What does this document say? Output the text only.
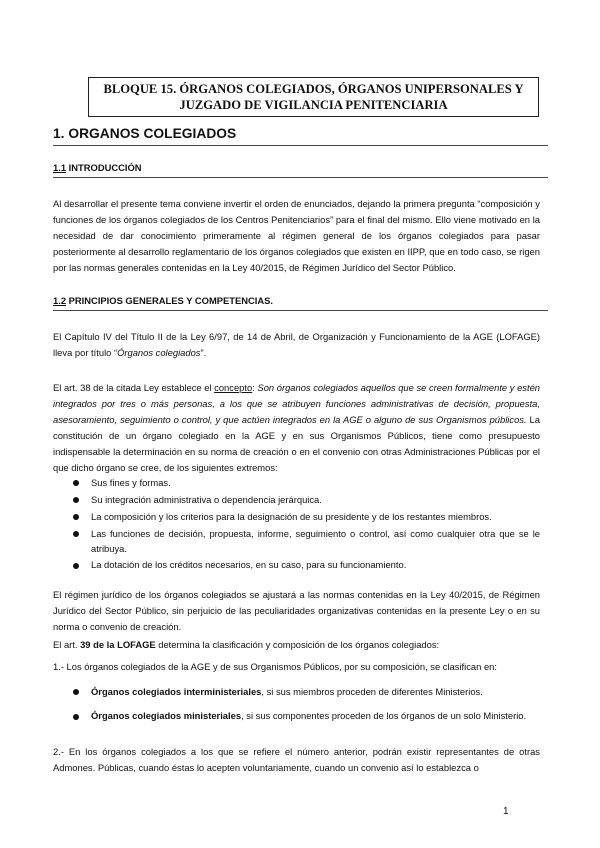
BLOQUE 15. ÓRGANOS COLEGIADOS, ÓRGANOS UNIPERSONALES Y
JUZGADO DE VIGILANCIA PENITENCIARIA
1. ORGANOS COLEGIADOS
1.1 INTRODUCCIÓN
Al desarrollar el presente tema conviene invertir el orden de enunciados, dejando la primera pregunta “composición y funciones de los órganos colegiados de los Centros Penitenciarios” para el final del mismo. Ello viene motivado en la necesidad de dar conocimiento primeramente al régimen general de los órganos colegiados para pasar posteriormente al desarrollo reglamentario de los órganos colegiados que existen en IIPP, que en todo caso, se rigen por las normas generales contenidas en la Ley 40/2015, de Régimen Jurídico del Sector Público.
1.2 PRINCIPIOS GENERALES Y COMPETENCIAS.
El Capítulo IV del Título II de la Ley 6/97, de 14 de Abril, de Organización y Funcionamiento de la AGE (LOFAGE) lleva por título “Órganos colegiados”.
El art. 38 de la citada Ley establece el concepto: Son órganos colegiados aquellos que se creen formalmente y estén integrados por tres o más personas, a los que se atribuyen funciones administrativas de decisión, propuesta, asesoramiento, seguimiento o control, y que actúen integrados en la AGE o alguno de sus Organismos públicos. La constitución de un órgano colegiado en la AGE y en sus Organismos Públicos, tiene como presupuesto indispensable la determinación en su norma de creación o en el convenio con otras Administraciones Públicas por el que dicho órgano se cree, de los siguientes extremos:
Sus fines y formas.
Su integración administrativa o dependencia jerárquica.
La composición y los criterios para la designación de su presidente y de los restantes miembros.
Las funciones de decisión, propuesta, informe, seguimiento o control, así como cualquier otra que se le atribuya.
La dotación de los créditos necesarios, en su caso, para su funcionamiento.
El régimen jurídico de los órganos colegiados se ajustará a las normas contenidas en la Ley 40/2015, de Régimen Jurídico del Sector Público, sin perjuicio de las peculiaridades organizativas contenidas en la presente Ley o en su norma o convenio de creación.
El art. 39 de la LOFAGE determina la clasificación y composición de los órganos colegiados:
1.- Los órganos colegiados de la AGE y de sus Organismos Públicos, por su composición, se clasifican en:
Órganos colegiados interministeriales, si sus miembros proceden de diferentes Ministerios.
Órganos colegiados ministeriales, si sus componentes proceden de los órganos de un solo Ministerio.
2.- En los órganos colegiados a los que se refiere el número anterior, podrán existir representantes de otras Admones. Públicas, cuando éstas lo acepten voluntariamente, cuando un convenio así lo establezca o
1
